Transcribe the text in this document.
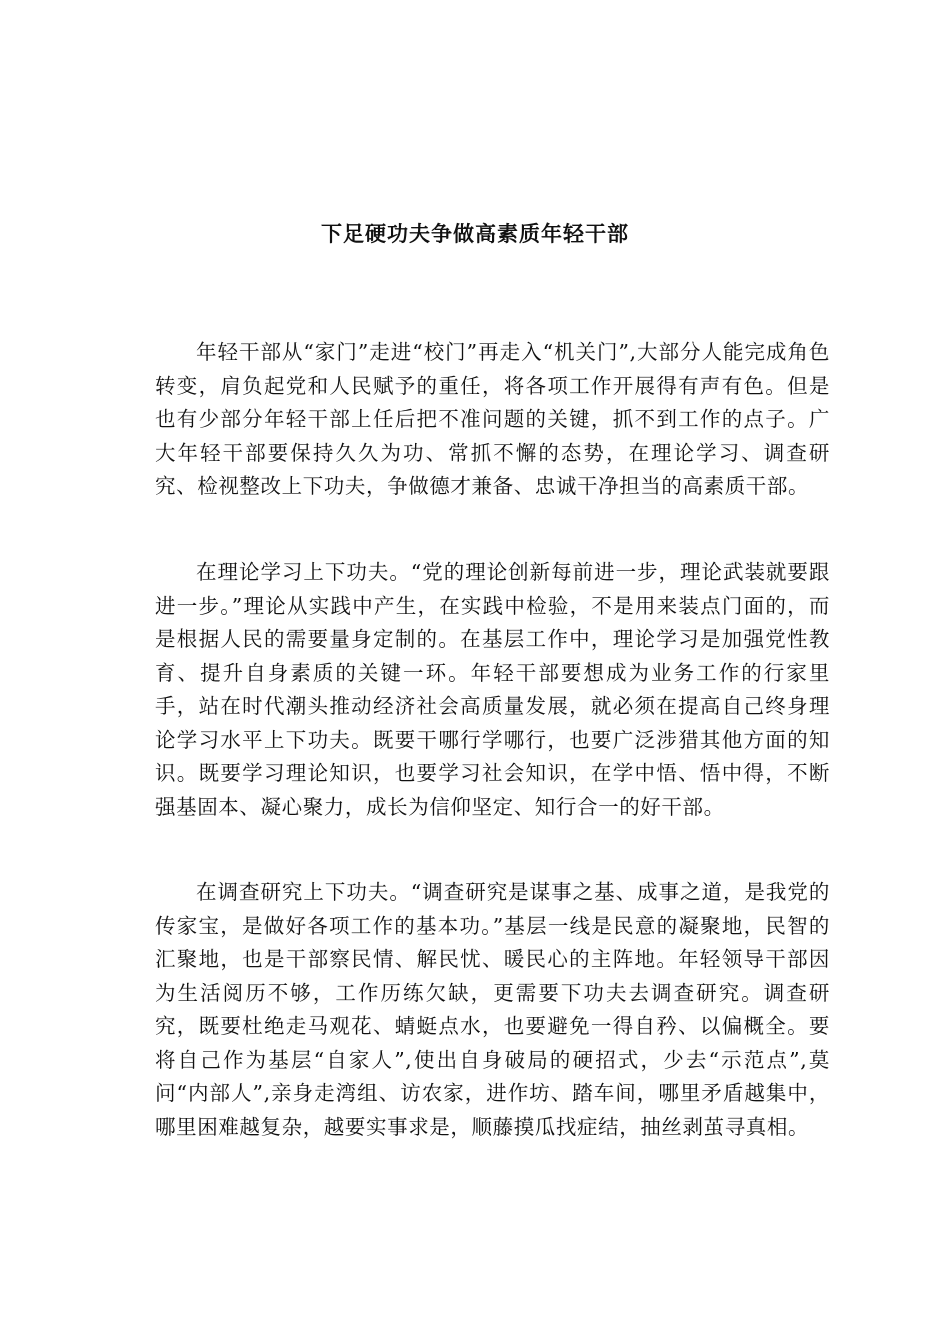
下足硬功夫争做高素质年轻干部

年轻干部从“家门”走进“校门”再走入“机关门”,大部分人能完成角色转变，肩负起党和人民赋予的重任，将各项工作开展得有声有色。但是也有少部分年轻干部上任后把不准问题的关键，抓不到工作的点子。广大年轻干部要保持久久为功、常抓不懈的态势，在理论学习、调查研究、检视整改上下功夫，争做德才兼备、忠诚干净担当的高素质干部。

在理论学习上下功夫。“党的理论创新每前进一步，理论武装就要跟进一步。”理论从实践中产生，在实践中检验，不是用来装点门面的，而是根据人民的需要量身定制的。在基层工作中，理论学习是加强党性教育、提升自身素质的关键一环。年轻干部要想成为业务工作的行家里手，站在时代潮头推动经济社会高质量发展，就必须在提高自己终身理论学习水平上下功夫。既要干哪行学哪行，也要广泛涉猎其他方面的知识。既要学习理论知识，也要学习社会知识，在学中悟、悟中得，不断强基固本、凝心聚力，成长为信仰坚定、知行合一的好干部。

在调查研究上下功夫。“调查研究是谋事之基、成事之道，是我党的传家宝，是做好各项工作的基本功。”基层一线是民意的凝聚地，民智的汇聚地，也是干部察民情、解民忧、暖民心的主阵地。年轻领导干部因为生活阅历不够，工作历练欠缺，更需要下功夫去调查研究。调查研究，既要杜绝走马观花、蜻蜓点水，也要避免一得自矜、以偏概全。要将自己作为基层“自家人”,使出自身破局的硬招式，少去“示范点”,莫问“内部人”,亲身走湾组、访农家，进作坊、踏车间，哪里矛盾越集中，哪里困难越复杂，越要实事求是，顺藤摸瓜找症结，抽丝剥茧寻真相。
